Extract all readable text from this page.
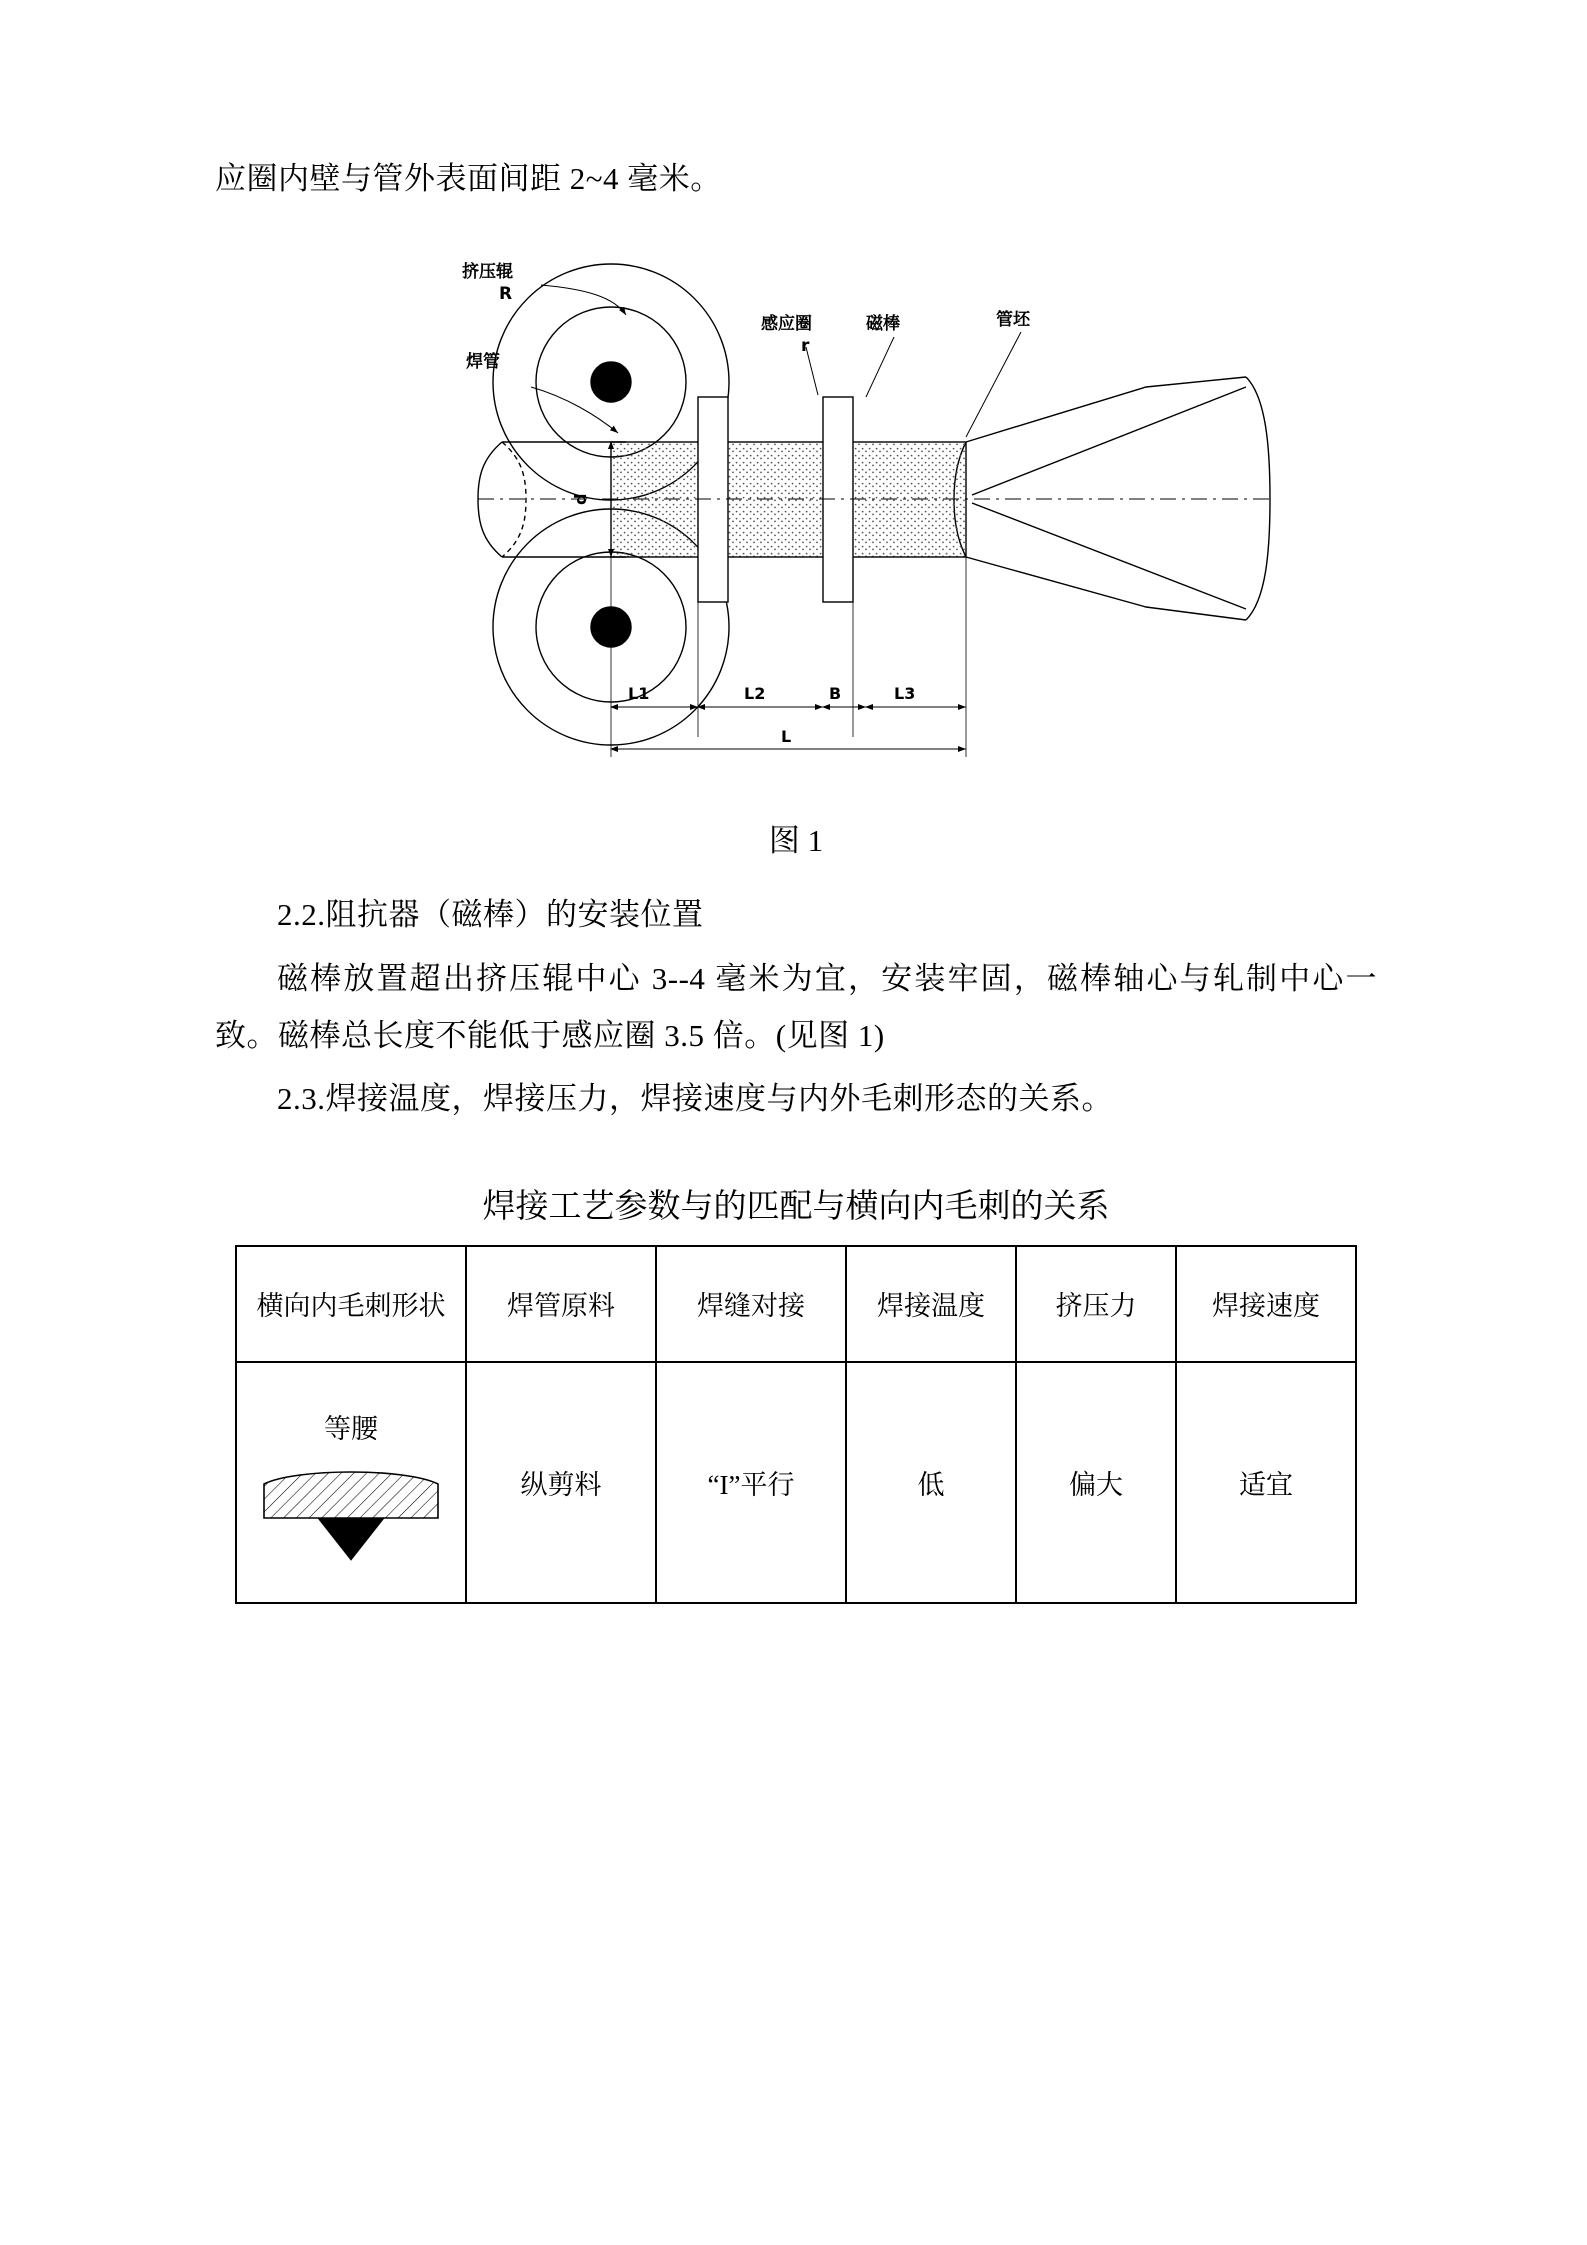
应圈内壁与管外表面间距 2~4 毫米。

挤压辊
R
焊管
感应圈
r
磁棒	管坯
d
L1	L2	B	L3
L
图 1

2.2.阻抗器（磁棒）的安装位置

磁棒放置超出挤压辊中心 3--4 毫米为宜，安装牢固，磁棒轴心与轧制中心一致。磁棒总长度不能低于感应圈 3.5 倍。(见图 1)

2.3.焊接温度，焊接压力，焊接速度与内外毛刺形态的关系。

焊接工艺参数与的匹配与横向内毛刺的关系
横向内毛刺形状	焊管原料	焊缝对接	焊接温度	挤压力	焊接速度

等腰	纵剪料	“I”平行	低	偏大	适宜
